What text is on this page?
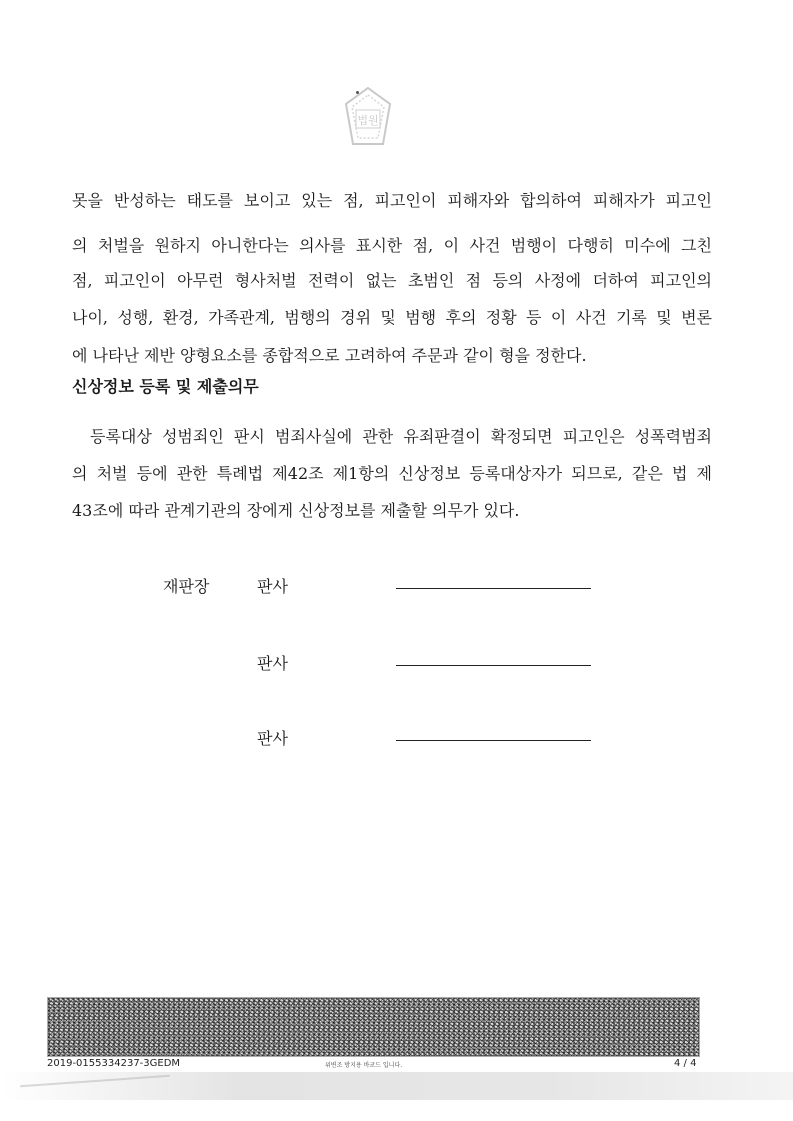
법원
못을 반성하는 태도를 보이고 있는 점, 피고인이 피해자와 합의하여 피해자가 피고인
의 처벌을 원하지 아니한다는 의사를 표시한 점, 이 사건 범행이 다행히 미수에 그친
점, 피고인이 아무런 형사처벌 전력이 없는 초범인 점 등의 사정에 더하여 피고인의
나이, 성행, 환경, 가족관계, 범행의 경위 및 범행 후의 정황 등 이 사건 기록 및 변론
에 나타난 제반 양형요소를 종합적으로 고려하여 주문과 같이 형을 정한다.
신상정보 등록 및 제출의무
등록대상 성범죄인 판시 범죄사실에 관한 유죄판결이 확정되면 피고인은 성폭력범죄
의 처벌 등에 관한 특례법 제42조 제1항의 신상정보 등록대상자가 되므로, 같은 법 제
43조에 따라 관계기관의 장에게 신상정보를 제출할 의무가 있다.
재판장	판사
판사
판사
2019-0155334237-3GEDM	위변조 방지용 바코드 입니다.	4 / 4
